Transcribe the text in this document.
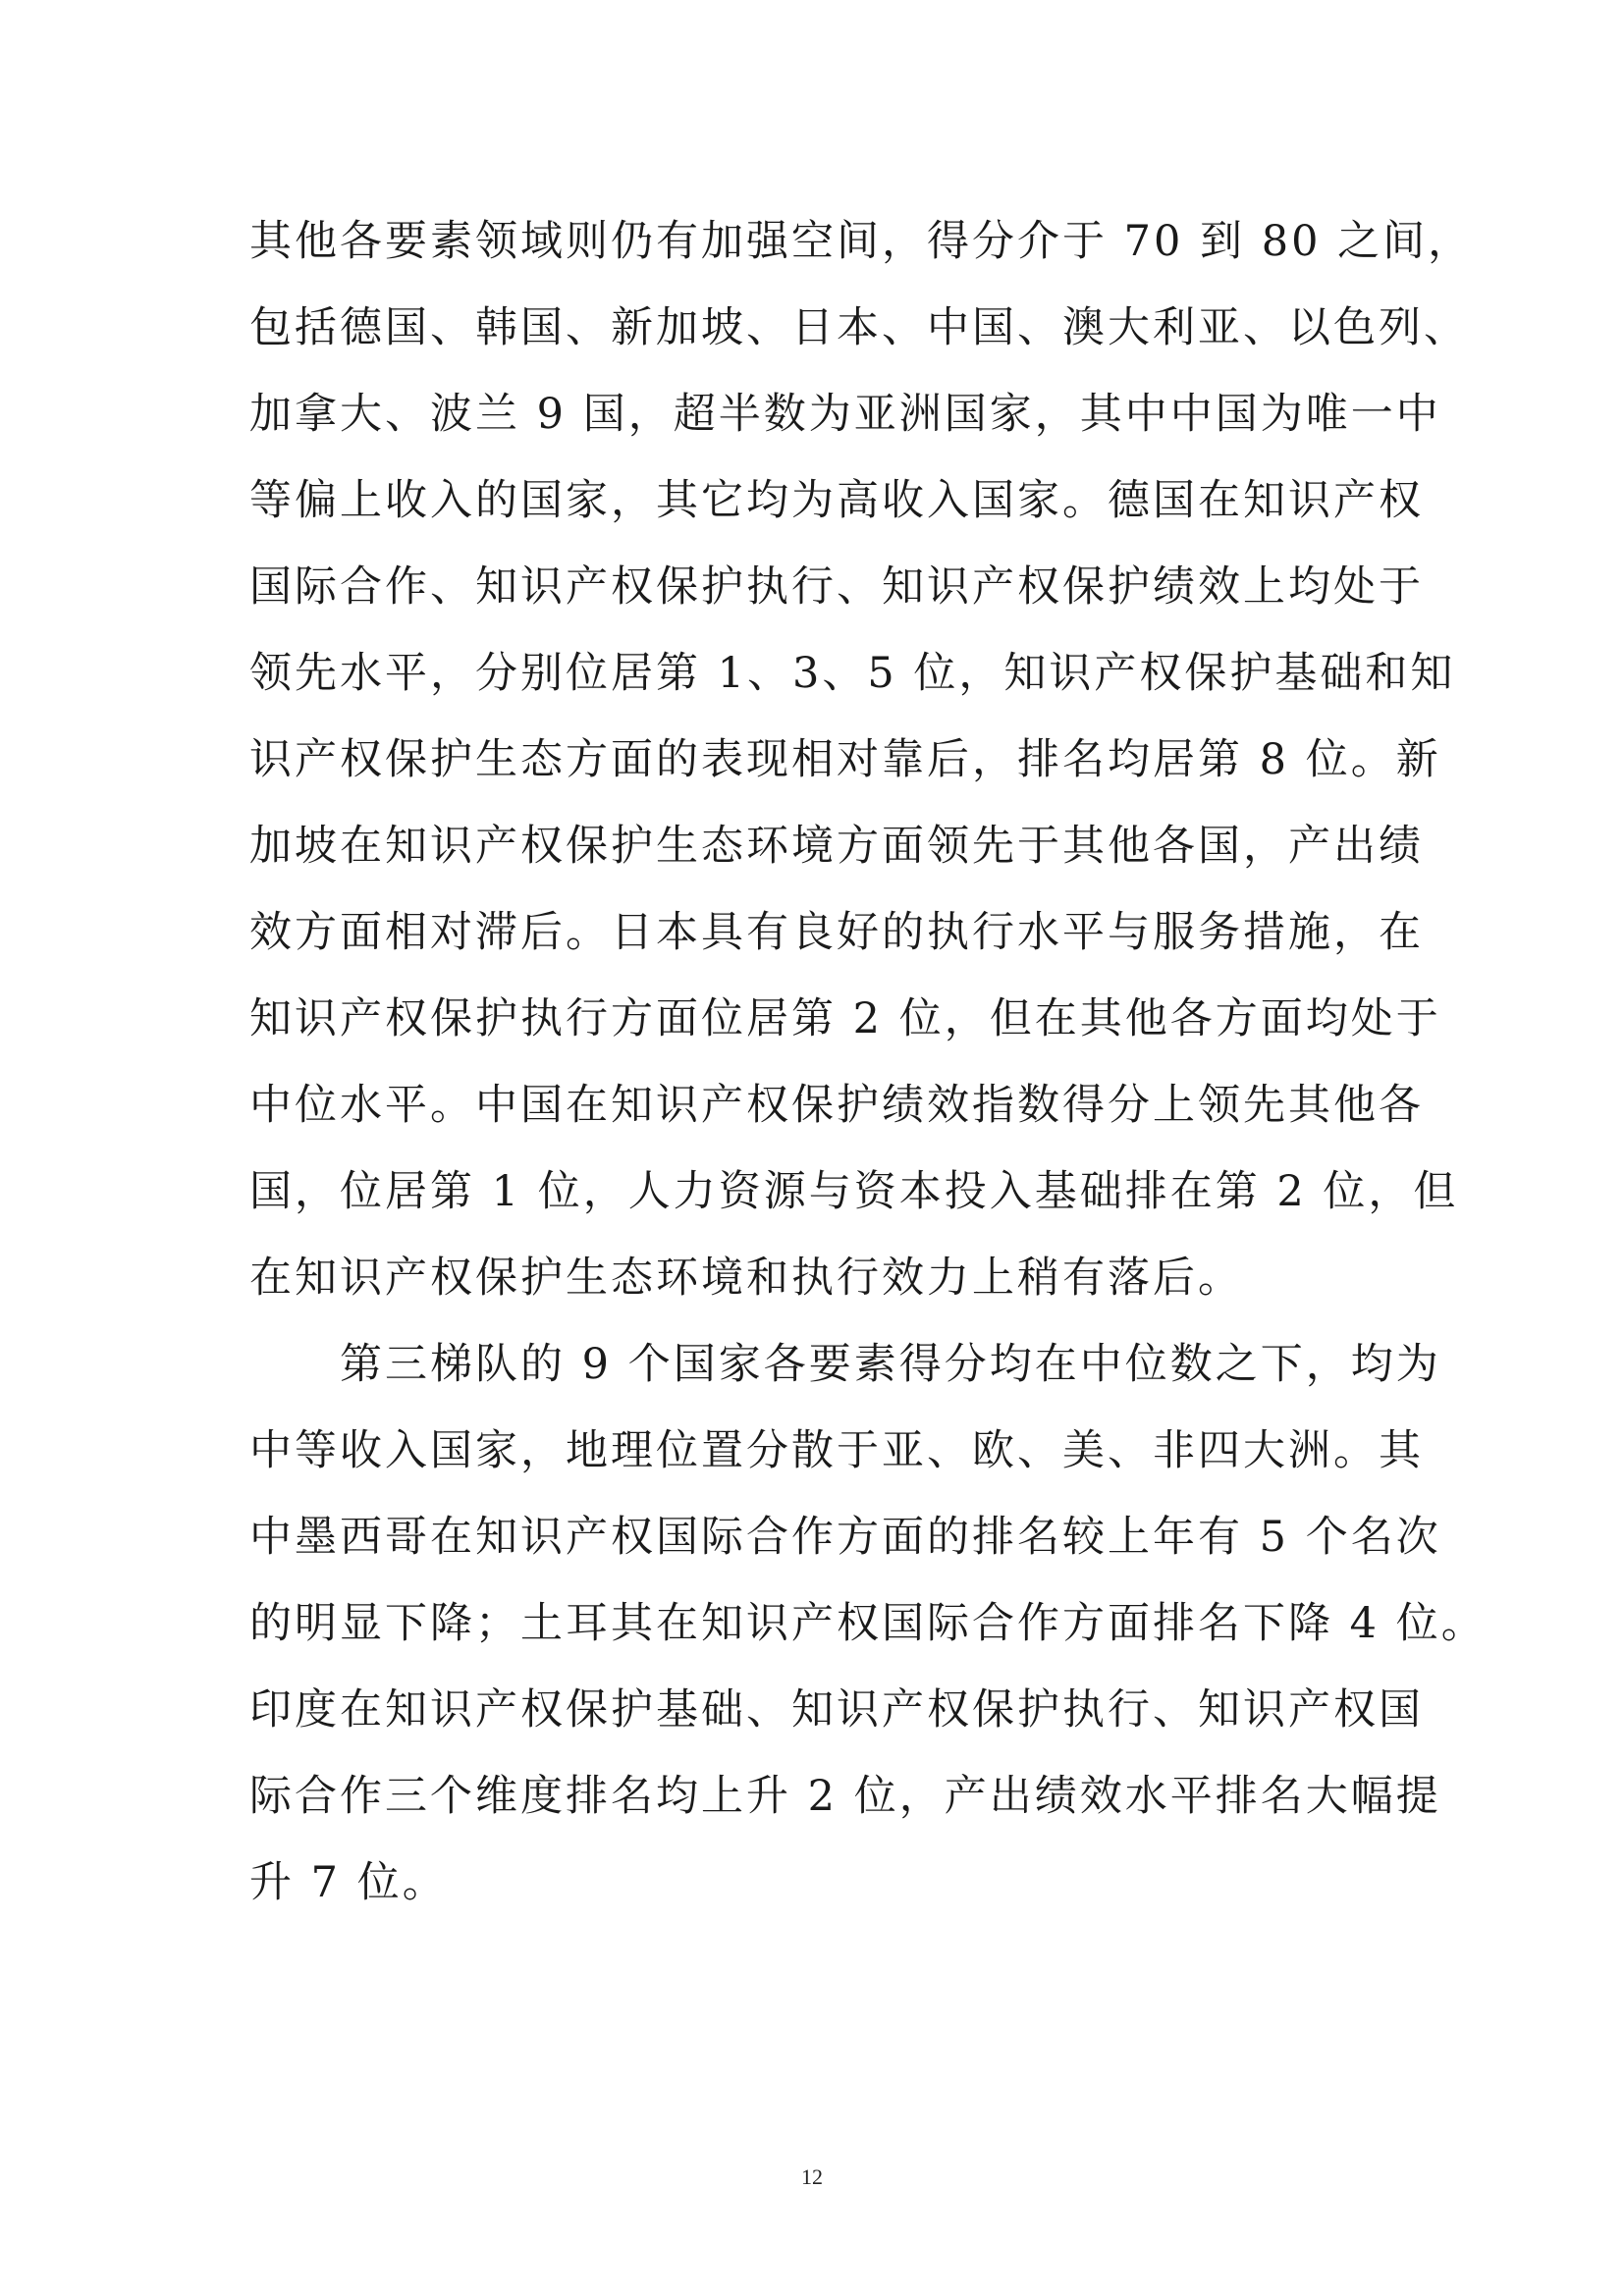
其他各要素领域则仍有加强空间，得分介于 70 到 80 之间，
包括德国、韩国、新加坡、日本、中国、澳大利亚、以色列、
加拿大、波兰 9 国，超半数为亚洲国家，其中中国为唯一中
等偏上收入的国家，其它均为高收入国家。德国在知识产权
国际合作、知识产权保护执行、知识产权保护绩效上均处于
领先水平，分别位居第 1、3、5 位，知识产权保护基础和知
识产权保护生态方面的表现相对靠后，排名均居第 8 位。新
加坡在知识产权保护生态环境方面领先于其他各国，产出绩
效方面相对滞后。日本具有良好的执行水平与服务措施，在
知识产权保护执行方面位居第 2 位，但在其他各方面均处于
中位水平。中国在知识产权保护绩效指数得分上领先其他各
国，位居第 1 位，人力资源与资本投入基础排在第 2 位，但
在知识产权保护生态环境和执行效力上稍有落后。
第三梯队的 9 个国家各要素得分均在中位数之下，均为
中等收入国家，地理位置分散于亚、欧、美、非四大洲。其
中墨西哥在知识产权国际合作方面的排名较上年有 5 个名次
的明显下降；土耳其在知识产权国际合作方面排名下降 4 位。
印度在知识产权保护基础、知识产权保护执行、知识产权国
际合作三个维度排名均上升 2 位，产出绩效水平排名大幅提
升 7 位。
12
